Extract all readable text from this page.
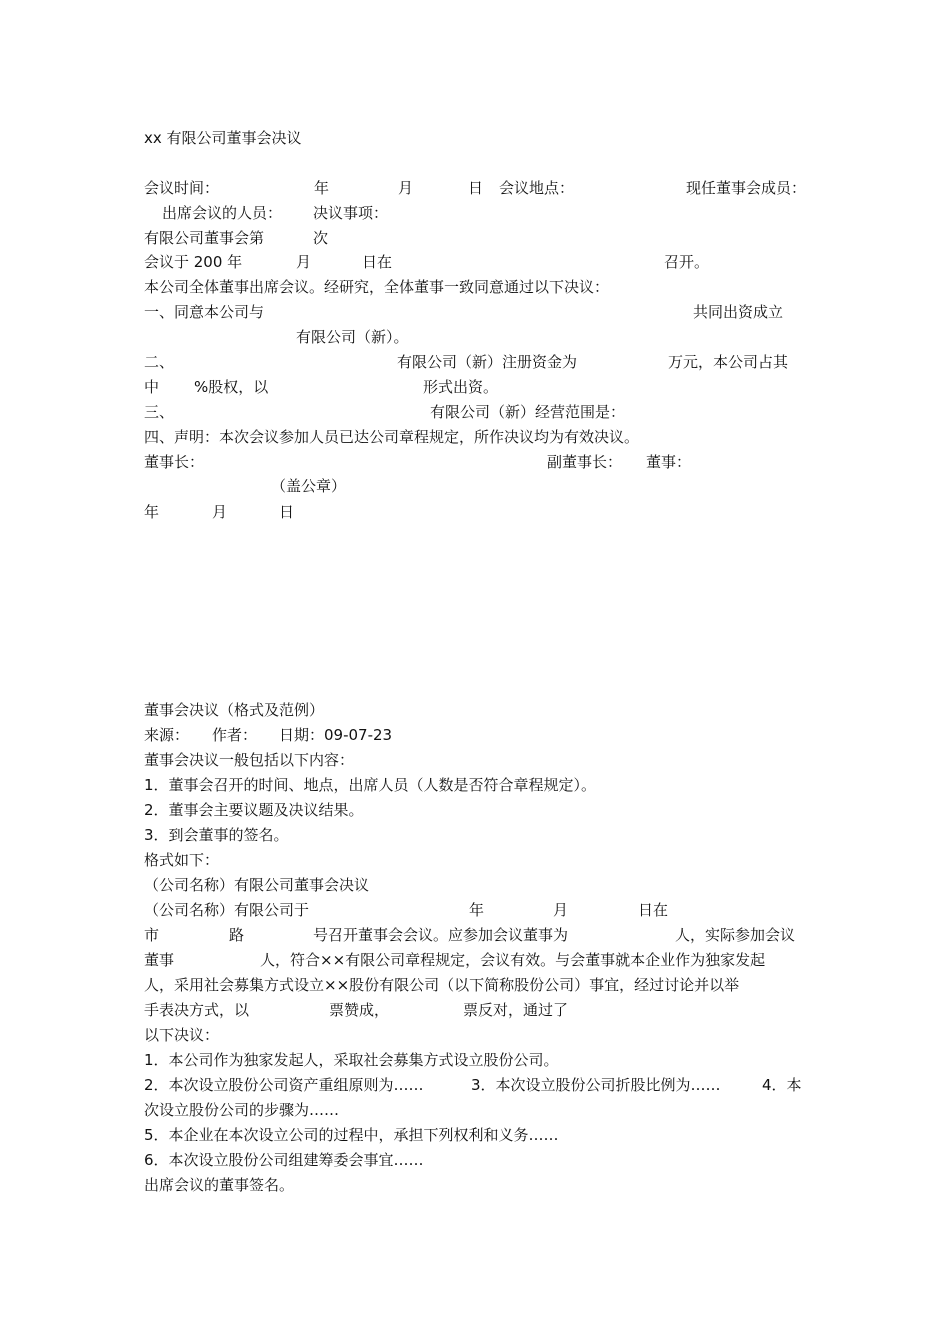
xx 有限公司董事会决议
会议时间：	年	月	日 会议地点：	现任董事会成员：
出席会议的人员： 决议事项：
有限公司董事会第	次
会议于 200 年	月	日在	召开。
本公司全体董事出席会议。经研究，全体董事一致同意通过以下决议：
一、同意本公司与	共同出资成立
有限公司（新）。
二、	有限公司（新）注册资金为	万元，本公司占其
中 %股权，以	形式出资。
三、	有限公司（新）经营范围是：
四、声明：本次会议参加人员已达公司章程规定，所作决议均为有效决议。
董事长：	副董事长： 董事：
（盖公章）
年	月	日
董事会决议（格式及范例）
来源： 作者： 日期：09-07-23
董事会决议一般包括以下内容：
1．董事会召开的时间、地点，出席人员（人数是否符合章程规定）。
2．董事会主要议题及决议结果。
3．到会董事的签名。
格式如下：
（公司名称）有限公司董事会决议
（公司名称）有限公司于	年	月	日在
市	路	号召开董事会会议。应参加会议董事为	人，实际参加会议
董事	人，符合××有限公司章程规定，会议有效。与会董事就本企业作为独家发起
人，采用社会募集方式设立××股份有限公司（以下简称股份公司）事宜，经过讨论并以举
手表决方式，以	票赞成，	票反对，通过了
以下决议：
1．本公司作为独家发起人，采取社会募集方式设立股份公司。
2．本次设立股份公司资产重组原则为……	3．本次设立股份公司折股比例为……	4．本
次设立股份公司的步骤为……
5．本企业在本次设立公司的过程中，承担下列权利和义务……
6．本次设立股份公司组建筹委会事宜……
出席会议的董事签名。
